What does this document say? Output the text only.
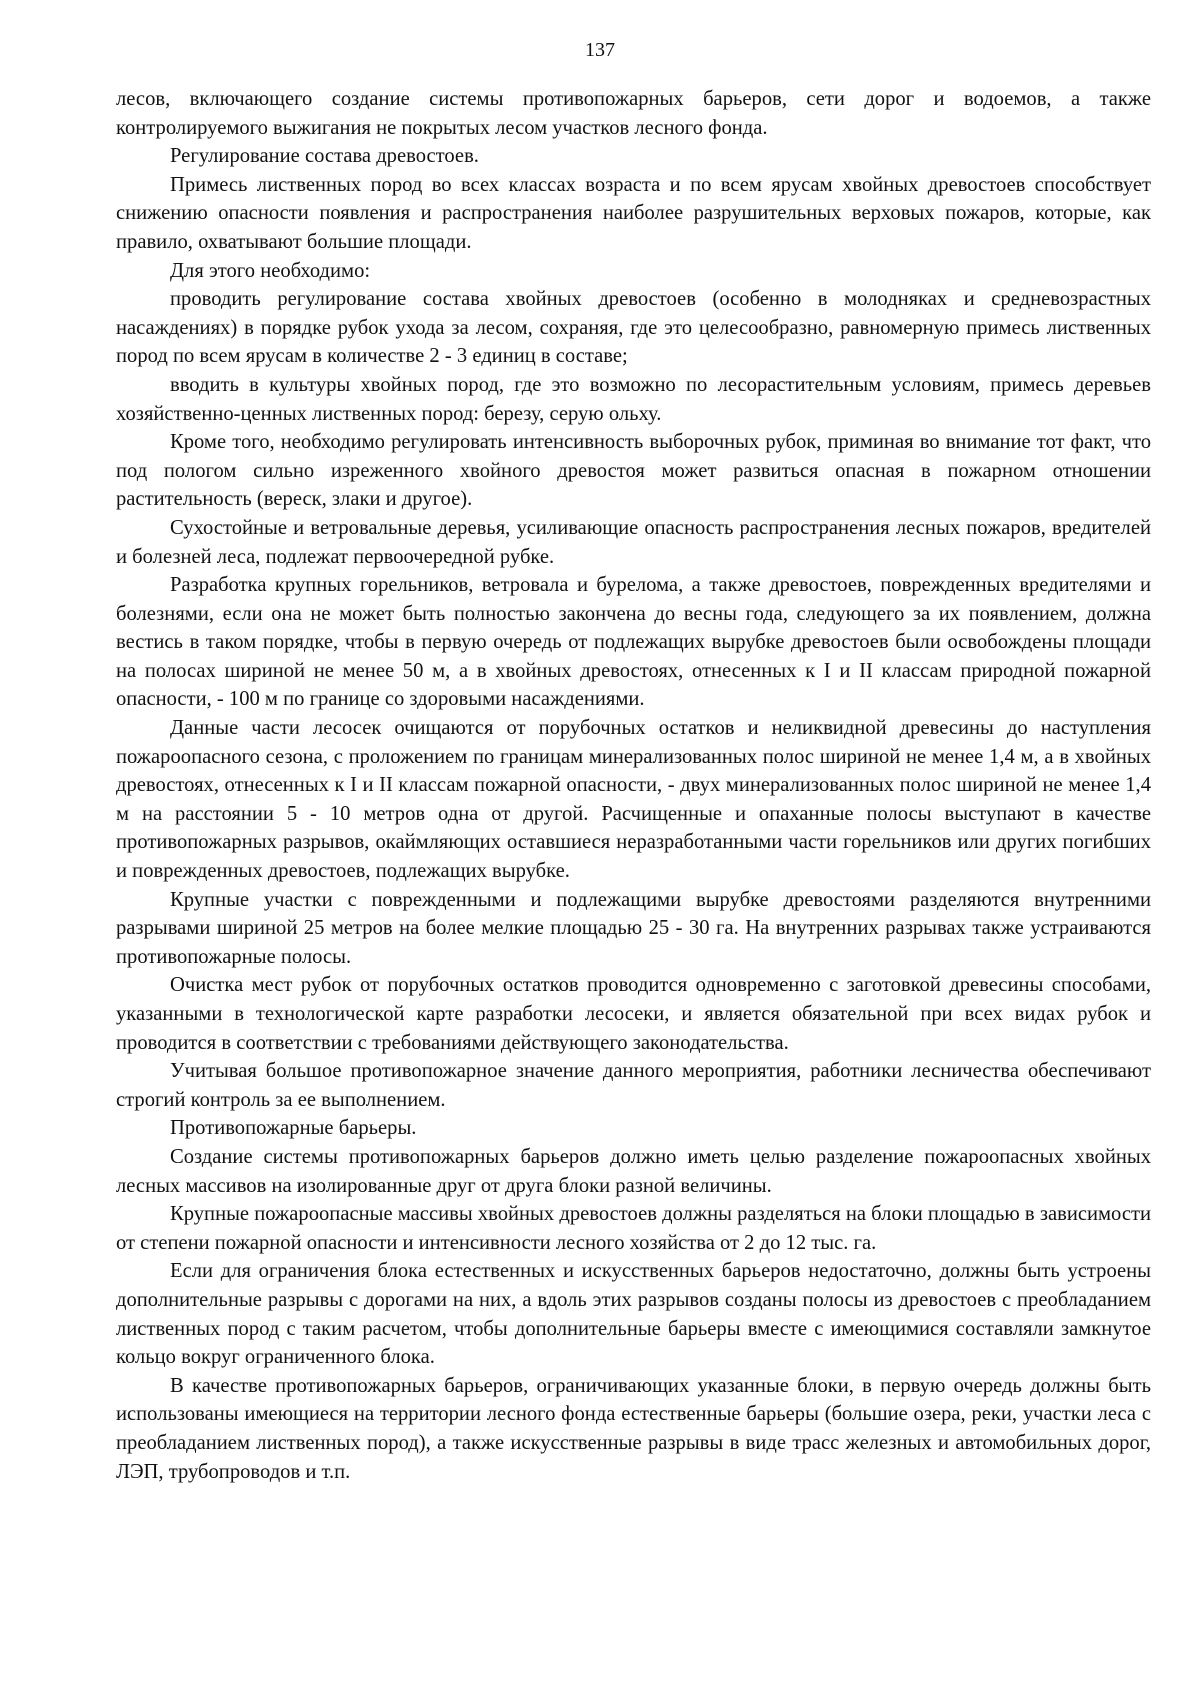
137

лесов, включающего создание системы противопожарных барьеров, сети дорог и водоемов, а также контролируемого выжигания не покрытых лесом участков лесного фонда.

Регулирование состава древостоев.

Примесь лиственных пород во всех классах возраста и по всем ярусам хвойных древостоев способствует снижению опасности появления и распространения наиболее разрушительных верховых пожаров, которые, как правило, охватывают большие площади.

Для этого необходимо:

проводить регулирование состава хвойных древостоев (особенно в молодняках и средневозрастных насаждениях) в порядке рубок ухода за лесом, сохраняя, где это целесообразно, равномерную примесь лиственных пород по всем ярусам в количестве 2 - 3 единиц в составе;

вводить в культуры хвойных пород, где это возможно по лесорастительным условиям, примесь деревьев хозяйственно-ценных лиственных пород: березу, серую ольху.

Кроме того, необходимо регулировать интенсивность выборочных рубок, приминая во внимание тот факт, что под пологом сильно изреженного хвойного древостоя может развиться опасная в пожарном отношении растительность (вереск, злаки и другое).

Сухостойные и ветровальные деревья, усиливающие опасность распространения лесных пожаров, вредителей и болезней леса, подлежат первоочередной рубке.

Разработка крупных горельников, ветровала и бурелома, а также древостоев, поврежденных вредителями и болезнями, если она не может быть полностью закончена до весны года, следующего за их появлением, должна вестись в таком порядке, чтобы в первую очередь от подлежащих вырубке древостоев были освобождены площади на полосах шириной не менее 50 м, а в хвойных древостоях, отнесенных к I и II классам природной пожарной опасности, - 100 м по границе со здоровыми насаждениями.

Данные части лесосек очищаются от порубочных остатков и неликвидной древесины до наступления пожароопасного сезона, с проложением по границам минерализованных полос шириной не менее 1,4 м, а в хвойных древостоях, отнесенных к I и II классам пожарной опасности, - двух минерализованных полос шириной не менее 1,4 м на расстоянии 5 - 10 метров одна от другой. Расчищенные и опаханные полосы выступают в качестве противопожарных разрывов, окаймляющих оставшиеся неразработанными части горельников или других погибших и поврежденных древостоев, подлежащих вырубке.

Крупные участки с поврежденными и подлежащими вырубке древостоями разделяются внутренними разрывами шириной 25 метров на более мелкие площадью 25 - 30 га. На внутренних разрывах также устраиваются противопожарные полосы.

Очистка мест рубок от порубочных остатков проводится одновременно с заготовкой древесины способами, указанными в технологической карте разработки лесосеки, и является обязательной при всех видах рубок и проводится в соответствии с требованиями действующего законодательства.

Учитывая большое противопожарное значение данного мероприятия, работники лесничества обеспечивают строгий контроль за ее выполнением.

Противопожарные барьеры.

Создание системы противопожарных барьеров должно иметь целью разделение пожароопасных хвойных лесных массивов на изолированные друг от друга блоки разной величины.

Крупные пожароопасные массивы хвойных древостоев должны разделяться на блоки площадью в зависимости от степени пожарной опасности и интенсивности лесного хозяйства от 2 до 12 тыс. га.

Если для ограничения блока естественных и искусственных барьеров недостаточно, должны быть устроены дополнительные разрывы с дорогами на них, а вдоль этих разрывов созданы полосы из древостоев с преобладанием лиственных пород с таким расчетом, чтобы дополнительные барьеры вместе с имеющимися составляли замкнутое кольцо вокруг ограниченного блока.

В качестве противопожарных барьеров, ограничивающих указанные блоки, в первую очередь должны быть использованы имеющиеся на территории лесного фонда естественные барьеры (большие озера, реки, участки леса с преобладанием лиственных пород), а также искусственные разрывы в виде трасс железных и автомобильных дорог, ЛЭП, трубопроводов и т.п.
